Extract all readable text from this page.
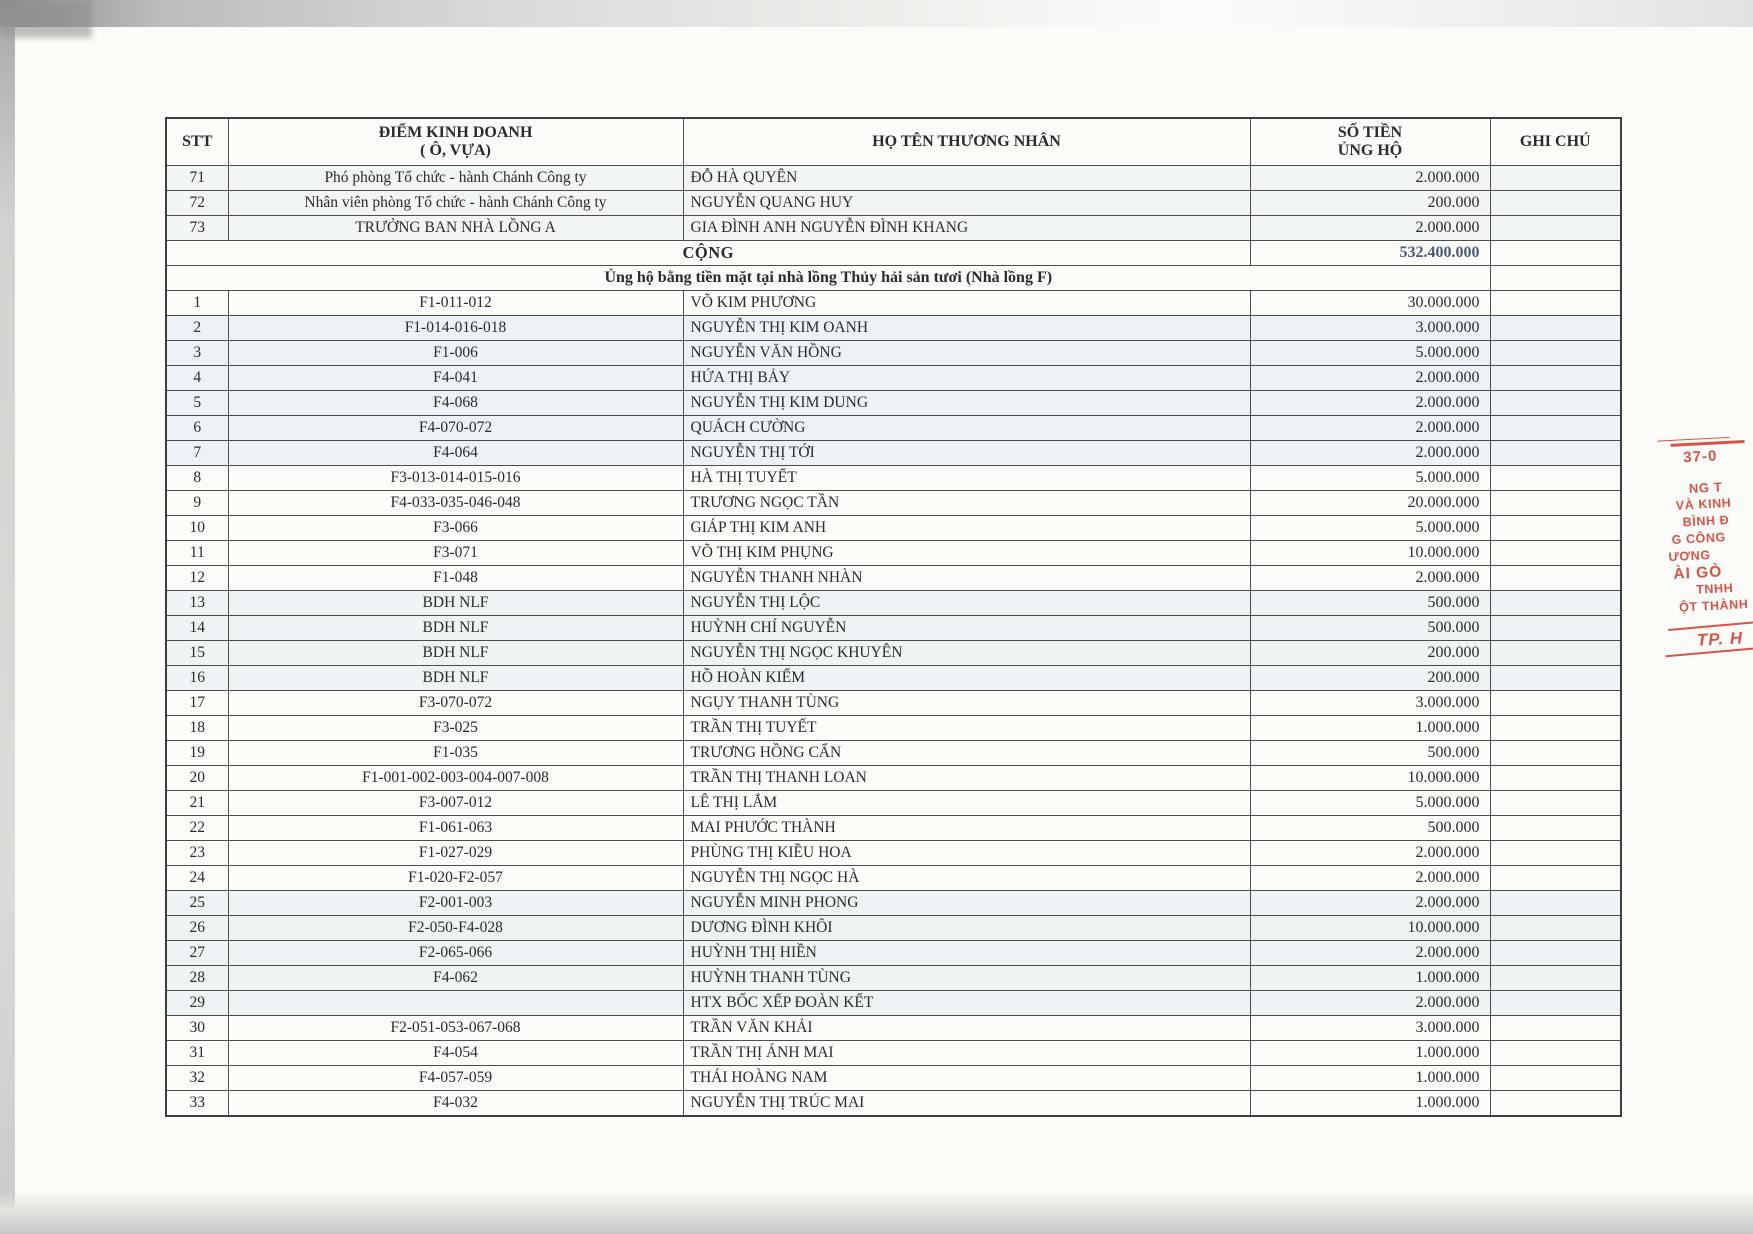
STT

ĐIỂM KINH DOANH
( Ô, VỰA)

HỌ TÊN THƯƠNG NHÂN

SỐ TIỀN
ỦNG HỘ

GHI CHÚ

71	Phó phòng Tổ chức - hành Chánh Công ty	ĐỖ HÀ QUYÊN	2.000.000	
72	Nhân viên phòng Tổ chức - hành Chánh Công ty	NGUYỄN QUANG HUY	200.000	
73	TRƯỞNG BAN NHÀ LỒNG A	GIA ĐÌNH ANH NGUYỄN ĐÌNH KHANG	2.000.000	
CỘNG			532.400.000	
Ủng hộ bằng tiền mặt tại nhà lồng Thủy hải sản tươi (Nhà lồng F)				
1	F1-011-012	VÕ KIM PHƯƠNG	30.000.000	
2	F1-014-016-018	NGUYỄN THỊ KIM OANH	3.000.000	
3	F1-006	NGUYỄN VĂN HỒNG	5.000.000	
4	F4-041	HỨA THỊ BẢY	2.000.000	
5	F4-068	NGUYỄN THỊ KIM DUNG	2.000.000	
6	F4-070-072	QUÁCH CƯỜNG	2.000.000	
7	F4-064	NGUYỄN THỊ TỚI	2.000.000	
8	F3-013-014-015-016	HÀ THỊ TUYẾT	5.000.000	
9	F4-033-035-046-048	TRƯƠNG NGỌC TẦN	20.000.000	
10	F3-066	GIÁP THỊ KIM ANH	5.000.000	
11	F3-071	VÕ THỊ KIM PHỤNG	10.000.000	
12	F1-048	NGUYỄN THANH NHÀN	2.000.000	
13	BDH NLF	NGUYỄN THỊ LỘC	500.000	
14	BDH NLF	HUỲNH CHÍ NGUYỄN	500.000	
15	BDH NLF	NGUYỄN THỊ NGỌC KHUYÊN	200.000	
16	BDH NLF	HỒ HOÀN KIẾM	200.000	
17	F3-070-072	NGỤY THANH TÙNG	3.000.000	
18	F3-025	TRẦN THỊ TUYẾT	1.000.000	
19	F1-035	TRƯƠNG HỒNG CẨN	500.000	
20	F1-001-002-003-004-007-008	TRẦN THỊ THANH LOAN	10.000.000	
21	F3-007-012	LÊ THỊ LẮM	5.000.000	
22	F1-061-063	MAI PHƯỚC THÀNH	500.000	
23	F1-027-029	PHÙNG THỊ KIỀU HOA	2.000.000	
24	F1-020-F2-057	NGUYỄN THỊ NGỌC HÀ	2.000.000	
25	F2-001-003	NGUYỄN MINH PHONG	2.000.000	
26	F2-050-F4-028	DƯƠNG ĐÌNH KHÔI	10.000.000	
27	F2-065-066	HUỲNH THỊ HIỀN	2.000.000	
28	F4-062	HUỲNH THANH TÙNG	1.000.000	
29		HTX BỐC XẾP ĐOÀN KẾT	2.000.000	
30	F2-051-053-067-068	TRẦN VĂN KHẢI	3.000.000	
31	F4-054	TRẦN THỊ ÁNH MAI	1.000.000	
32	F4-057-059	THÁI HOÀNG NAM	1.000.000	
33	F4-032	NGUYỄN THỊ TRÚC MAI	1.000.000	
37-0
NG T
VÀ KINH
BÌNH Đ
G CÔNG
ƯƠNG
ÀI GÒ
TNHH
ỘT THÀNH
TP. H
